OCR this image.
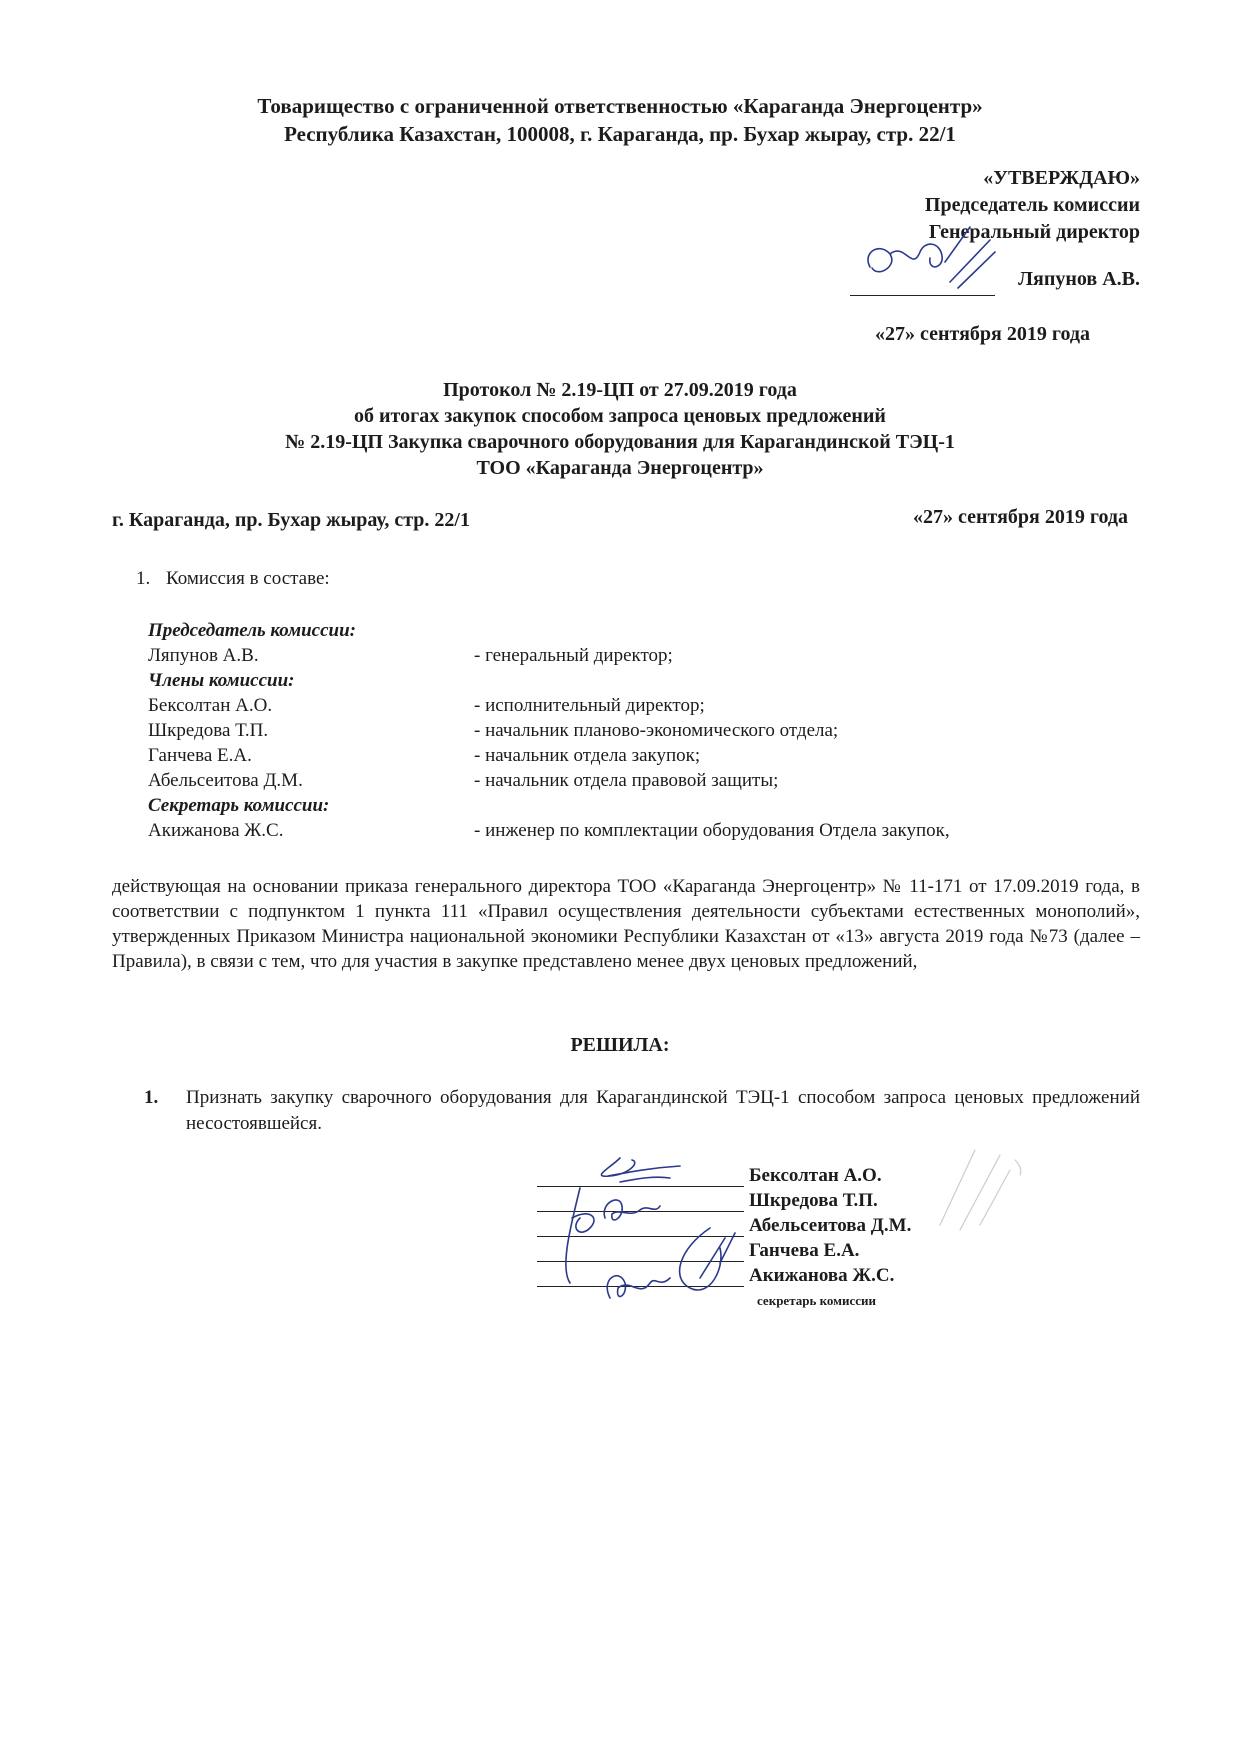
Товарищество с ограниченной ответственностью «Караганда Энергоцентр»
Республика Казахстан, 100008, г. Караганда, пр. Бухар жырау, стр. 22/1
«УТВЕРЖДАЮ»
Председатель комиссии
Генеральный директор
Ляпунов А.В.
«27» сентября 2019 года
Протокол № 2.19-ЦП от 27.09.2019 года
об итогах закупок способом запроса ценовых предложений
№ 2.19-ЦП Закупка сварочного оборудования для Карагандинской ТЭЦ-1
ТОО «Караганда Энергоцентр»
г. Караганда, пр. Бухар жырау, стр. 22/1	«27» сентября 2019 года
1. Комиссия в составе:
Председатель комиссии:
Ляпунов А.В.	- генеральный директор;
Члены комиссии:
Бексолтан А.О.	- исполнительный директор;
Шкредова Т.П.	- начальник планово-экономического отдела;
Ганчева Е.А.	- начальник отдела закупок;
Абельсеитова Д.М.	- начальник отдела правовой защиты;
Секретарь комиссии:
Акижанова Ж.С.	- инженер по комплектации оборудования Отдела закупок,
действующая на основании приказа генерального директора ТОО «Караганда Энергоцентр» № 11-171 от 17.09.2019 года, в соответствии с подпунктом 1 пункта 111 «Правил осуществления деятельности субъектами естественных монополий», утвержденных Приказом Министра национальной экономики Республики Казахстан от «13» августа 2019 года №73 (далее – Правила), в связи с тем, что для участия в закупке представлено менее двух ценовых предложений,
РЕШИЛА:
1.	Признать закупку сварочного оборудования для Карагандинской ТЭЦ-1 способом запроса ценовых предложений несостоявшейся.
Бексолтан А.О.
Шкредова Т.П.
Абельсеитова Д.М.
Ганчева Е.А.
Акижанова Ж.С.
секретарь комиссии
